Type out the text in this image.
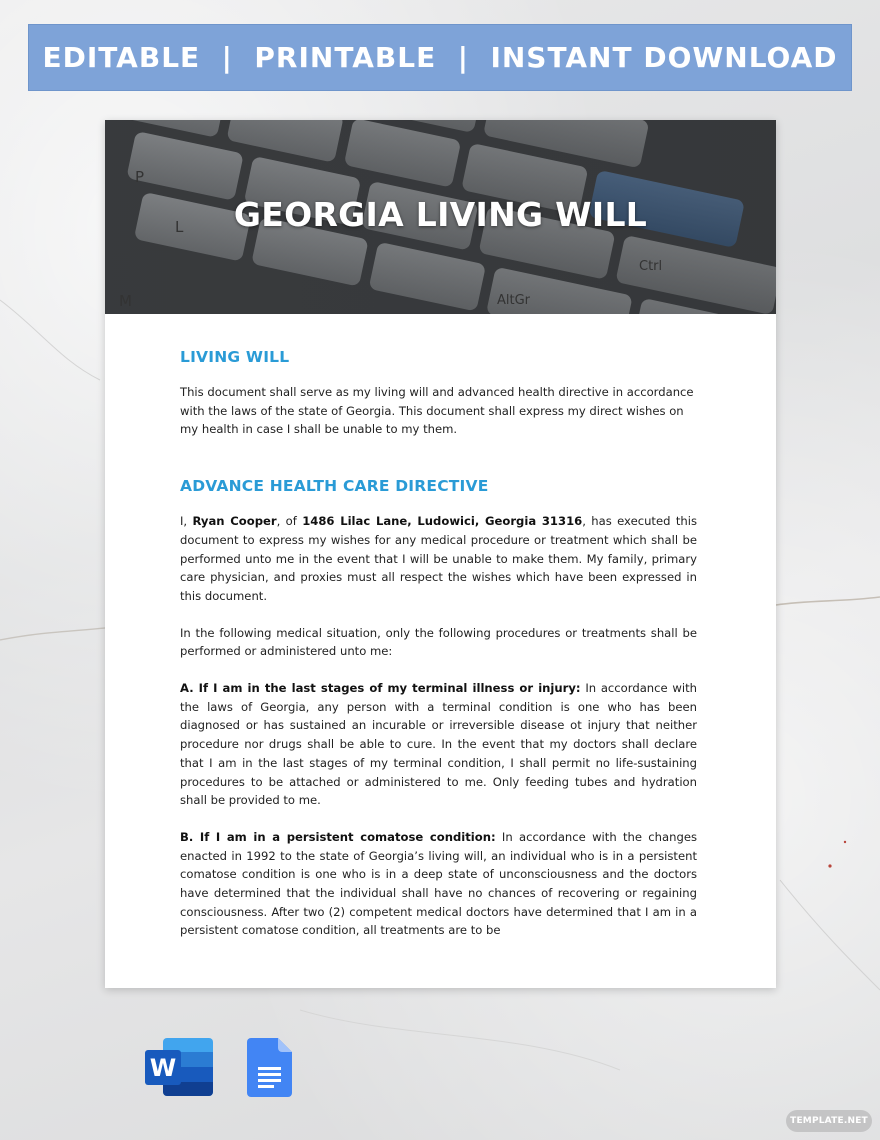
EDITABLE  |  PRINTABLE  |  INSTANT DOWNLOAD
P
L
M	AltGr
Ctrl
GEORGIA LIVING WILL
LIVING WILL
This document shall serve as my living will and advanced health directive in accordance with the laws of the state of Georgia. This document shall express my direct wishes on my health in case I shall be unable to my them.
ADVANCE HEALTH CARE DIRECTIVE
I, Ryan Cooper, of 1486 Lilac Lane, Ludowici, Georgia 31316, has executed this document to express my wishes for any medical procedure or treatment which shall be performed unto me in the event that I will be unable to make them. My family, primary care physician, and proxies must all respect the wishes which have been expressed in this document.
In the following medical situation, only the following procedures or treatments shall be performed or administered unto me:
A. If I am in the last stages of my terminal illness or injury: In accordance with the laws of Georgia, any person with a terminal condition is one who has been diagnosed or has sustained an incurable or irreversible disease ot injury that neither procedure nor drugs shall be able to cure. In the event that my doctors shall declare that I am in the last stages of my terminal condition, I shall permit no life-sustaining procedures to be attached or administered to me. Only feeding tubes and hydration shall be provided to me.
B. If I am in a persistent comatose condition: In accordance with the changes enacted in 1992 to the state of Georgia’s living will, an individual who is in a persistent comatose condition is one who is in a deep state of unconsciousness and the doctors have determined that the individual shall have no chances of recovering or regaining consciousness. After two (2) competent medical doctors have determined that I am in a persistent comatose condition, all treatments are to be
W
TEMPLATE.NET
